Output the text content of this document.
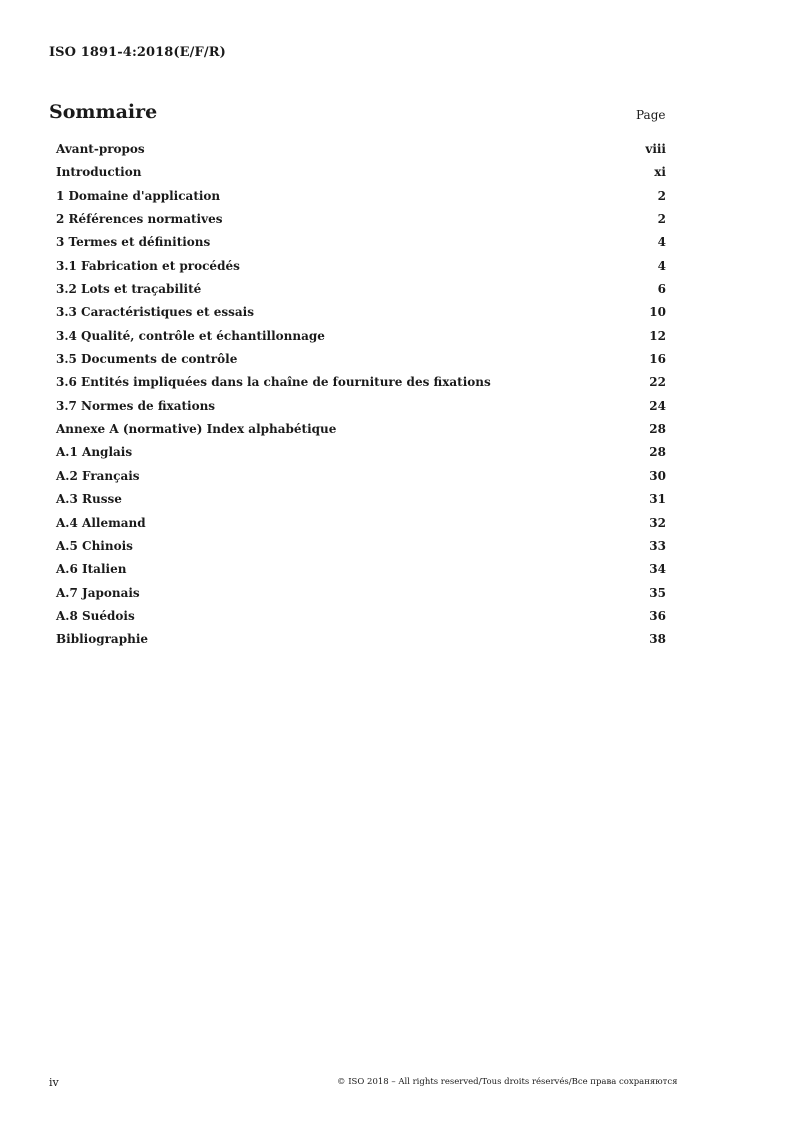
ISO 1891-4:2018(E/F/R)
Sommaire	Page
Avant-propos	viii
Introduction	xi
1 Domaine d'application	2
2 Références normatives	2
3 Termes et définitions	4
3.1 Fabrication et procédés	4
3.2 Lots et traçabilité	6
3.3 Caractéristiques et essais	10
3.4 Qualité, contrôle et échantillonnage	12
3.5 Documents de contrôle	16
3.6 Entités impliquées dans la chaîne de fourniture des fixations	22
3.7 Normes de fixations	24
Annexe A (normative) Index alphabétique	28
A.1 Anglais	28
A.2 Français	30
A.3 Russe	31
A.4 Allemand	32
A.5 Chinois	33
A.6 Italien	34
A.7 Japonais	35
A.8 Suédois	36
Bibliographie	38
iv	© ISO 2018 – All rights reserved/Tous droits réservés/Все права сохраняются
